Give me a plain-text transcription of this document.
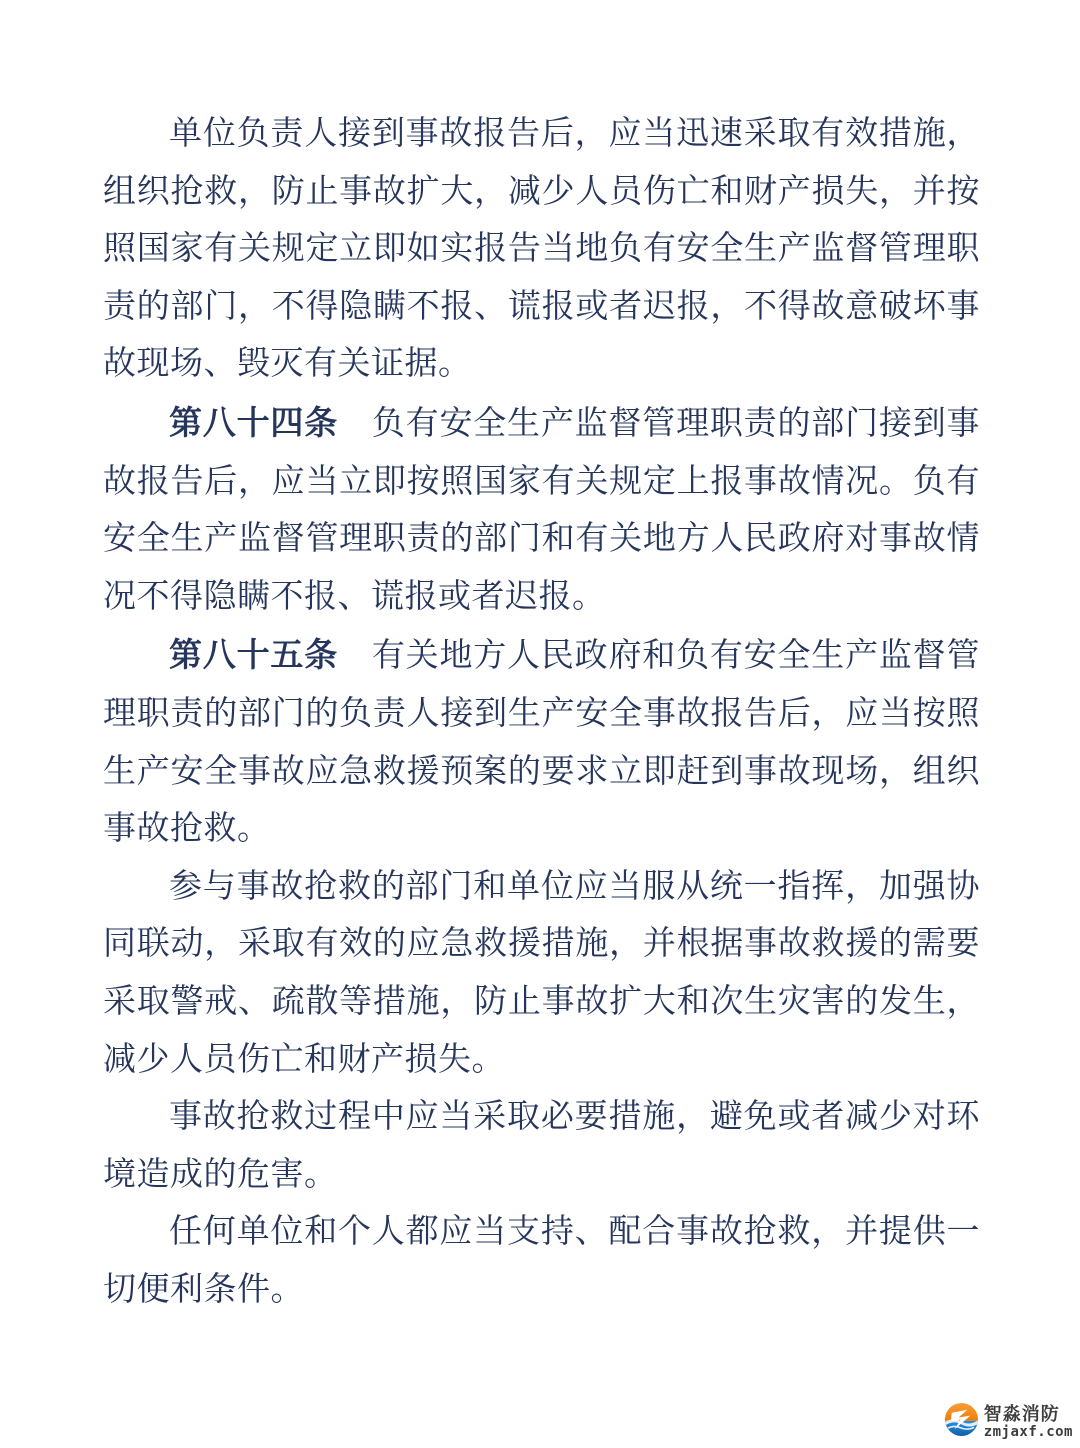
单位负责人接到事故报告后，应当迅速采取有效措施，组织抢救，防止事故扩大，减少人员伤亡和财产损失，并按照国家有关规定立即如实报告当地负有安全生产监督管理职责的部门，不得隐瞒不报、谎报或者迟报，不得故意破坏事故现场、毁灭有关证据。

第八十四条　负有安全生产监督管理职责的部门接到事故报告后，应当立即按照国家有关规定上报事故情况。负有安全生产监督管理职责的部门和有关地方人民政府对事故情况不得隐瞒不报、谎报或者迟报。

第八十五条　有关地方人民政府和负有安全生产监督管理职责的部门的负责人接到生产安全事故报告后，应当按照生产安全事故应急救援预案的要求立即赶到事故现场，组织事故抢救。

参与事故抢救的部门和单位应当服从统一指挥，加强协同联动，采取有效的应急救援措施，并根据事故救援的需要采取警戒、疏散等措施，防止事故扩大和次生灾害的发生，减少人员伤亡和财产损失。

事故抢救过程中应当采取必要措施，避免或者减少对环境造成的危害。

任何单位和个人都应当支持、配合事故抢救，并提供一切便利条件。

智淼消防
zmjaxf.com
